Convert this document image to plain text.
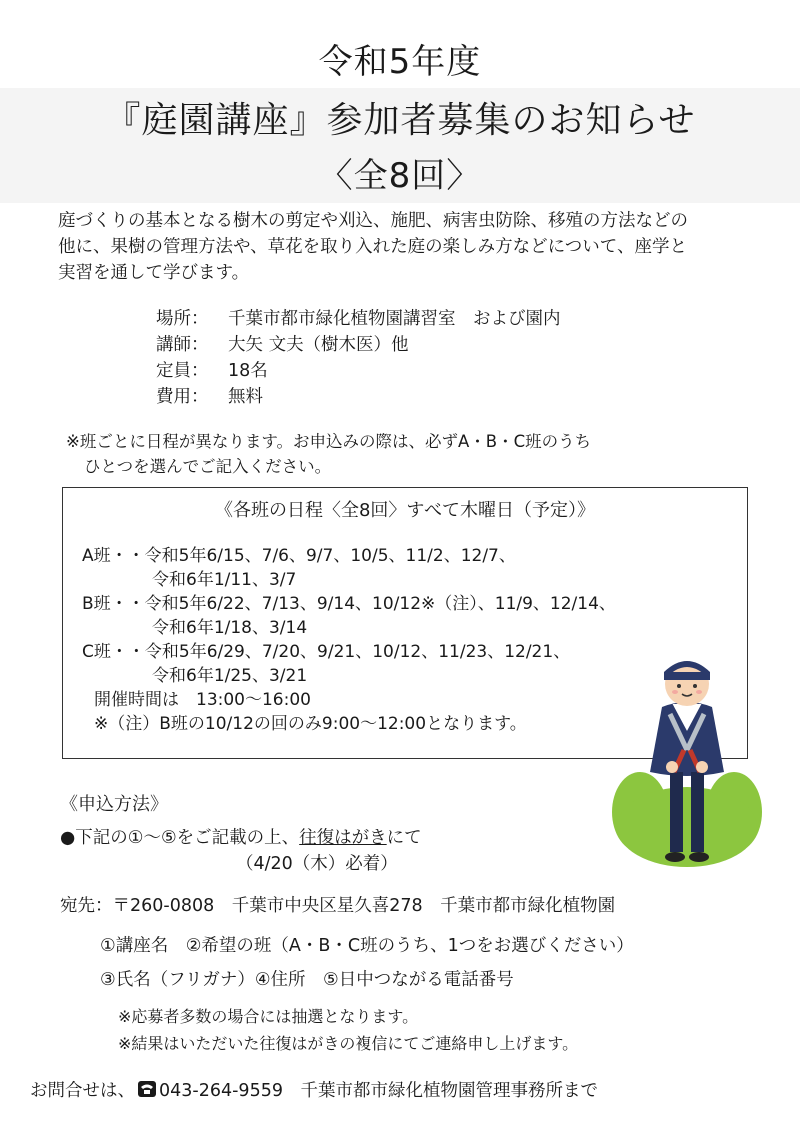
令和5年度
『庭園講座』参加者募集のお知らせ
〈全8回〉
庭づくりの基本となる樹木の剪定や刈込、施肥、病害虫防除、移殖の方法などの
他に、果樹の管理方法や、草花を取り入れた庭の楽しみ方などについて、座学と
実習を通して学びます。
場所： 千葉市都市緑化植物園講習室　および園内
講師： 大矢 文夫（樹木医）他
定員： 18名
費用： 無料
※班ごとに日程が異なります。お申込みの際は、必ずA・B・C班のうち
ひとつを選んでご記入ください。
《各班の日程〈全8回〉すべて木曜日（予定）》
A班・・令和5年6/15、7/6、9/7、10/5、11/2、12/7、
令和6年1/11、3/7
B班・・令和5年6/22、7/13、9/14、10/12※（注）、11/9、12/14、
令和6年1/18、3/14
C班・・令和5年6/29、7/20、9/21、10/12、11/23、12/21、
令和6年1/25、3/21
開催時間は　13:00〜16:00
※（注）B班の10/12の回のみ9:00〜12:00となります。
《申込方法》
●下記の①〜⑤をご記載の上、往復はがきにて
（4/20（木）必着）
宛先：〒260-0808　千葉市中央区星久喜278　千葉市都市緑化植物園
①講座名　②希望の班（A・B・C班のうち、1つをお選びください）
③氏名（フリガナ）④住所　⑤日中つながる電話番号
※応募者多数の場合には抽選となります。
※結果はいただいた往復はがきの複信にてご連絡申し上げます。
お問合せは、 043-264-9559　千葉市都市緑化植物園管理事務所まで
